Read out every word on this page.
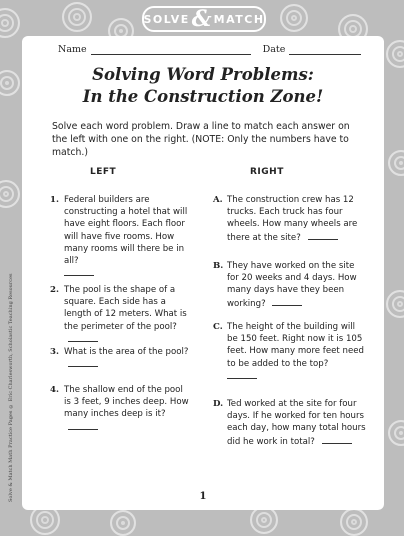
SOLVE & MATCH
Solve & Match Math Practice Pages © Eric Charlesworth, Scholastic Teaching Resources
Name	Date
Solving Word Problems:
In the Construction Zone!
Solve each word problem. Draw a line to match each answer on the left with one on the right. (NOTE: Only the numbers have to match.)
LEFT	RIGHT
1. Federal builders are constructing a hotel that will have eight floors. Each floor will have five rooms. How many rooms will there be in all?
2. The pool is the shape of a square. Each side has a length of 12 meters. What is the perimeter of the pool?
3. What is the area of the pool?
4. The shallow end of the pool is 3 feet, 9 inches deep. How many inches deep is it?
A. The construction crew has 12 trucks. Each truck has four wheels. How many wheels are there at the site?
B. They have worked on the site for 20 weeks and 4 days. How many days have they been working?
C. The height of the building will be 150 feet. Right now it is 105 feet. How many more feet need to be added to the top?
D. Ted worked at the site for four days. If he worked for ten hours each day, how many total hours did he work in total?
1
